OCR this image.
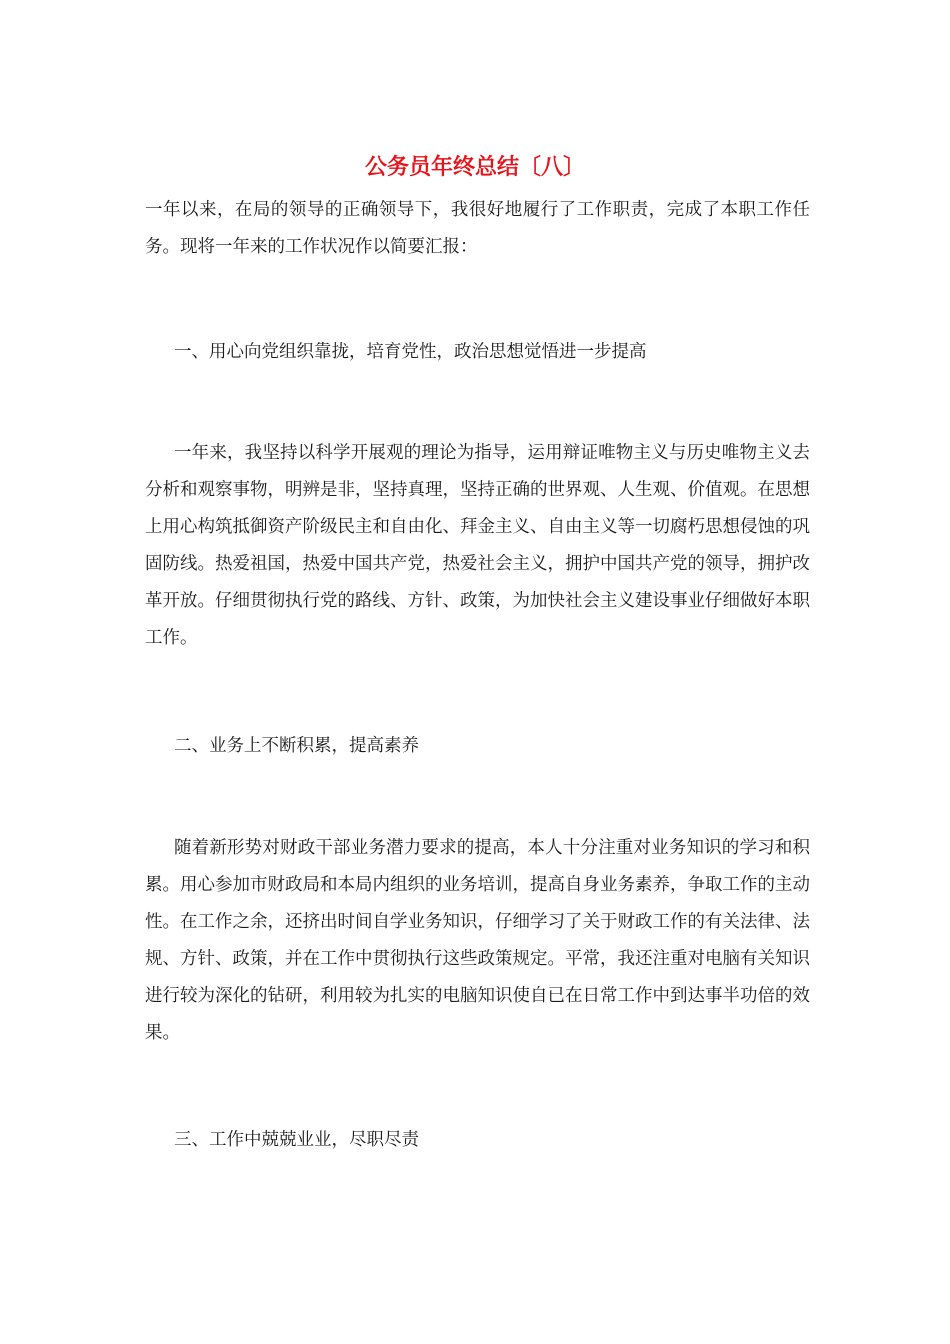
公务员年终总结〔八〕

一年以来，在局的领导的正确领导下，我很好地履行了工作职责，完成了本职工作任务。现将一年来的工作状况作以简要汇报：

一、用心向党组织靠拢，培育党性，政治思想觉悟进一步提高

一年来，我坚持以科学开展观的理论为指导，运用辩证唯物主义与历史唯物主义去分析和观察事物，明辨是非，坚持真理，坚持正确的世界观、人生观、价值观。在思想上用心构筑抵御资产阶级民主和自由化、拜金主义、自由主义等一切腐朽思想侵蚀的巩固防线。热爱祖国，热爱中国共产党，热爱社会主义，拥护中国共产党的领导，拥护改革开放。仔细贯彻执行党的路线、方针、政策，为加快社会主义建设事业仔细做好本职工作。

二、业务上不断积累，提高素养

随着新形势对财政干部业务潜力要求的提高，本人十分注重对业务知识的学习和积累。用心参加市财政局和本局内组织的业务培训，提高自身业务素养，争取工作的主动性。在工作之余，还挤出时间自学业务知识，仔细学习了关于财政工作的有关法律、法规、方针、政策，并在工作中贯彻执行这些政策规定。平常，我还注重对电脑有关知识进行较为深化的钻研，利用较为扎实的电脑知识使自已在日常工作中到达事半功倍的效果。

三、工作中兢兢业业，尽职尽责
